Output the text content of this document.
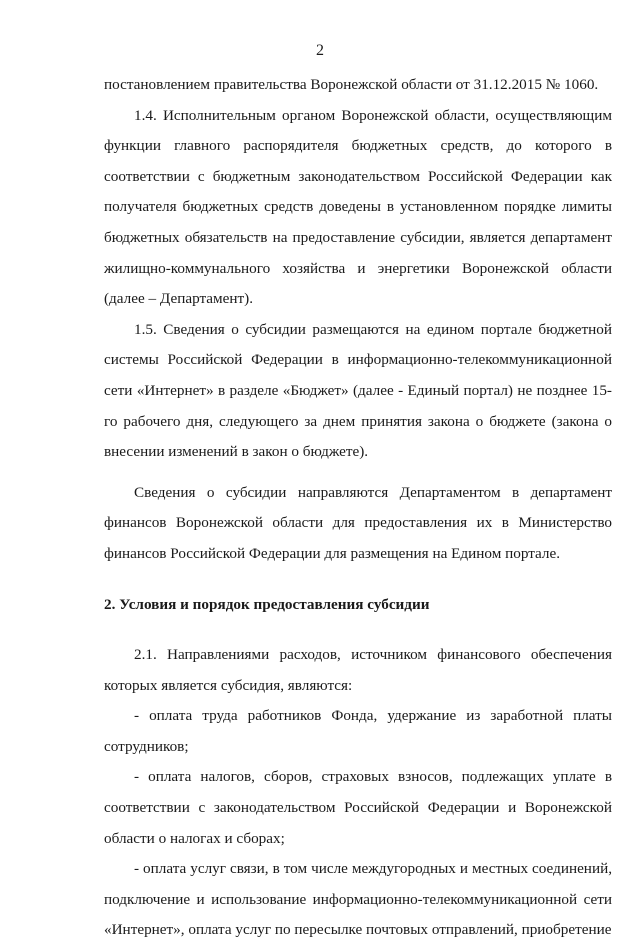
2

постановлением правительства Воронежской области от 31.12.2015 № 1060.

1.4. Исполнительным органом Воронежской области, осуществляющим функции главного распорядителя бюджетных средств, до которого в соответствии с бюджетным законодательством Российской Федерации как получателя бюджетных средств доведены в установленном порядке лимиты бюджетных обязательств на предоставление субсидии, является департамент жилищно-коммунального хозяйства и энергетики Воронежской области (далее – Департамент).

1.5. Сведения о субсидии размещаются на едином портале бюджетной системы Российской Федерации в информационно-телекоммуникационной сети «Интернет» в разделе «Бюджет» (далее - Единый портал) не позднее 15-го рабочего дня, следующего за днем принятия закона о бюджете (закона о внесении изменений в закон о бюджете).

Сведения о субсидии направляются Департаментом в департамент финансов Воронежской области для предоставления их в Министерство финансов Российской Федерации для размещения на Едином портале.

2. Условия и порядок предоставления субсидии

2.1. Направлениями расходов, источником финансового обеспечения которых является субсидия, являются:

- оплата труда работников Фонда, удержание из заработной платы сотрудников;

- оплата налогов, сборов, страховых взносов, подлежащих уплате в соответствии с законодательством Российской Федерации и Воронежской области о налогах и сборах;

- оплата услуг связи, в том числе междугородных и местных соединений, подключение и использование информационно-телекоммуникационной сети «Интернет», оплата услуг по пересылке почтовых отправлений, приобретение
